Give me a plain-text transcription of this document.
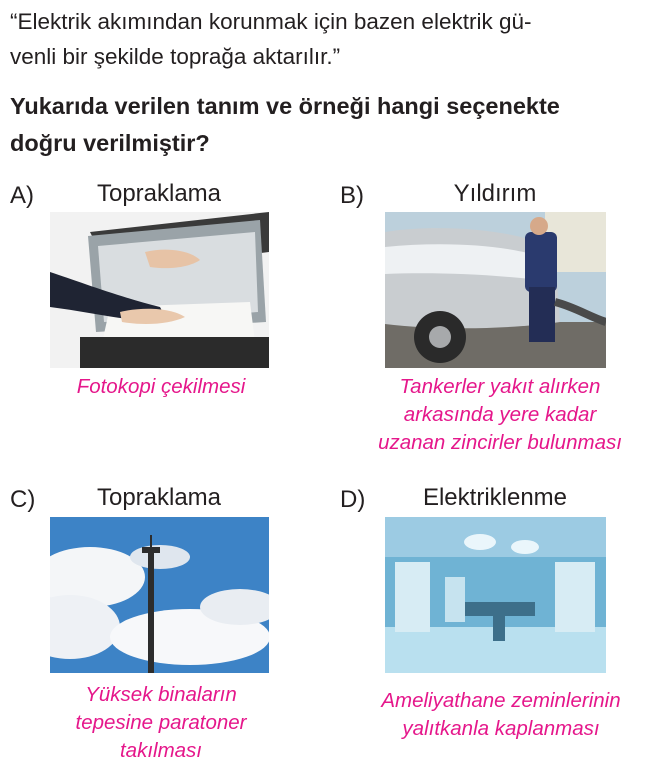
“Elektrik akımından korunmak için bazen elektrik gü-
venli bir şekilde toprağa aktarılır.”
Yukarıda verilen tanım ve örneği hangi seçenekte
doğru verilmiştir?
A)	Topraklama
Fotokopi çekilmesi
B)	Yıldırım
Tankerler yakıt alırken
arkasında yere kadar
uzanan zincirler bulunması
C)	Topraklama
Yüksek binaların
tepesine paratoner
takılması
D)	Elektriklenme
Ameliyathane zeminlerinin
yalıtkanla kaplanması
